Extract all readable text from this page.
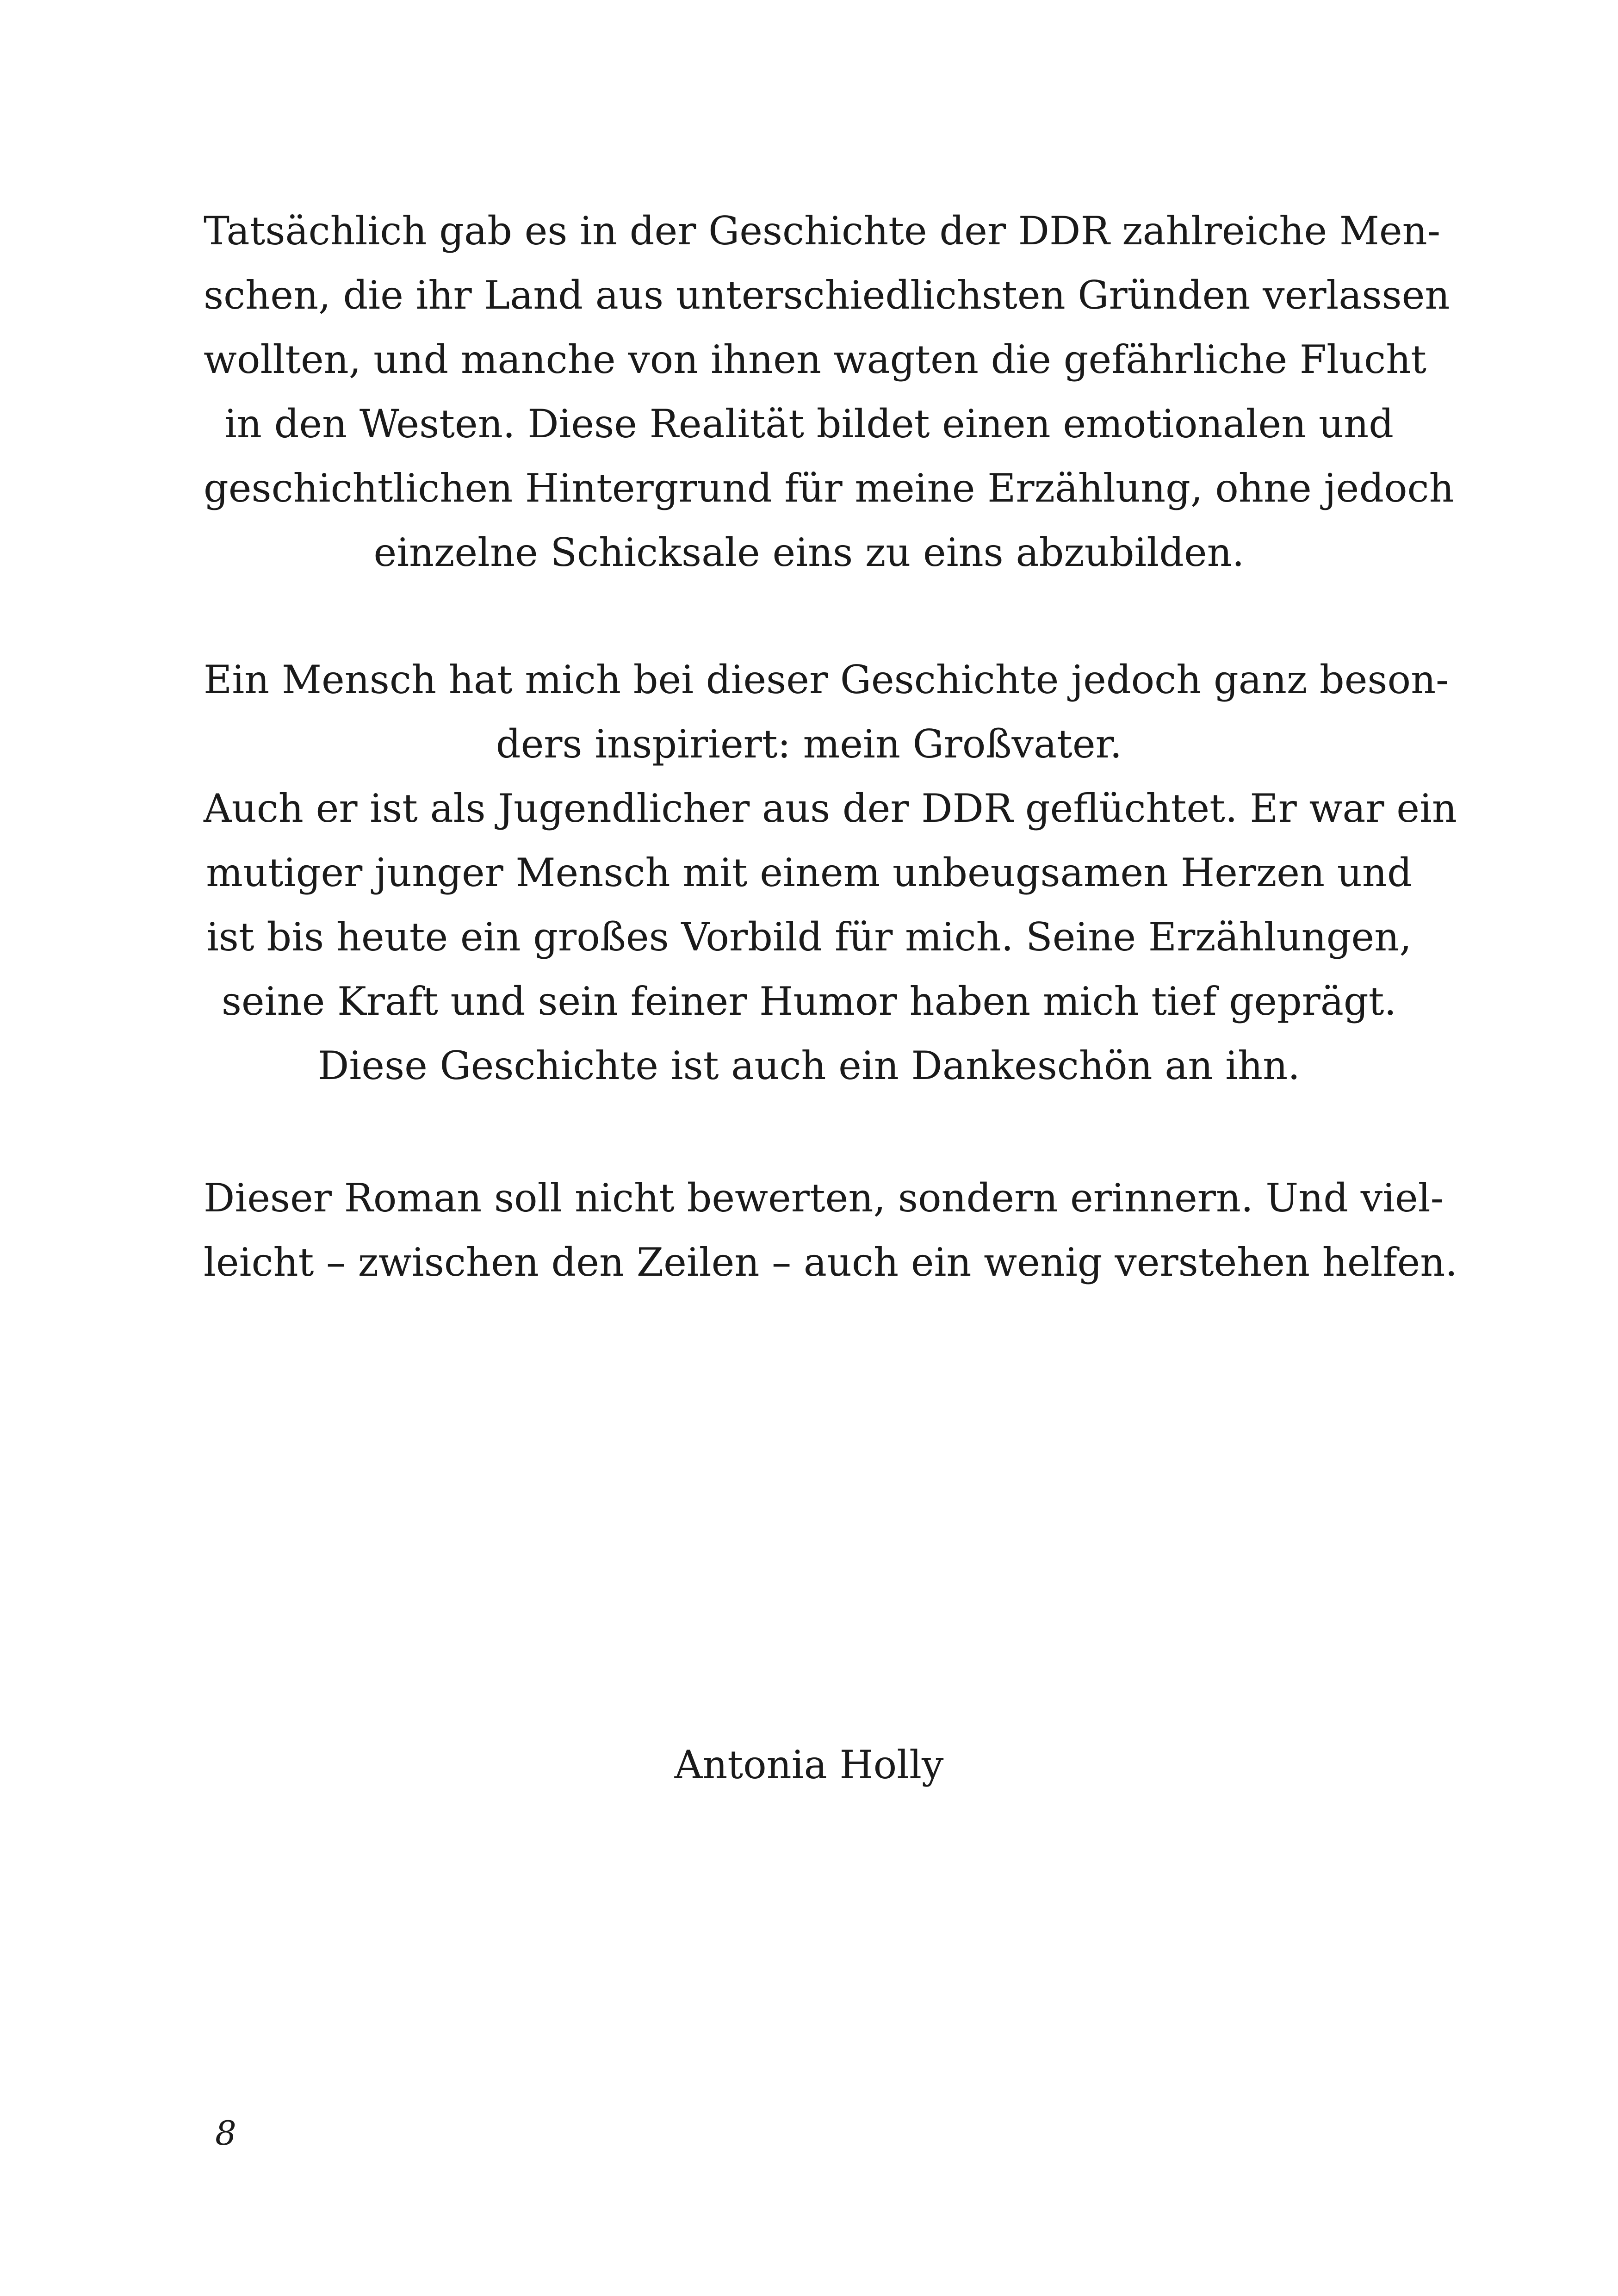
Tatsächlich gab es in der Geschichte der DDR zahlreiche Men-
schen, die ihr Land aus unterschiedlichsten Gründen verlassen
wollten, und manche von ihnen wagten die gefährliche Flucht
in den Westen. Diese Realität bildet einen emotionalen und
geschichtlichen Hintergrund für meine Erzählung, ohne jedoch
einzelne Schicksale eins zu eins abzubilden.
Ein Mensch hat mich bei dieser Geschichte jedoch ganz beson-
ders inspiriert: mein Großvater.
Auch er ist als Jugendlicher aus der DDR geflüchtet. Er war ein
mutiger junger Mensch mit einem unbeugsamen Herzen und
ist bis heute ein großes Vorbild für mich. Seine Erzählungen,
seine Kraft und sein feiner Humor haben mich tief geprägt.
Diese Geschichte ist auch ein Dankeschön an ihn.
Dieser Roman soll nicht bewerten, sondern erinnern. Und viel-
leicht – zwischen den Zeilen – auch ein wenig verstehen helfen.
Antonia Holly
8
